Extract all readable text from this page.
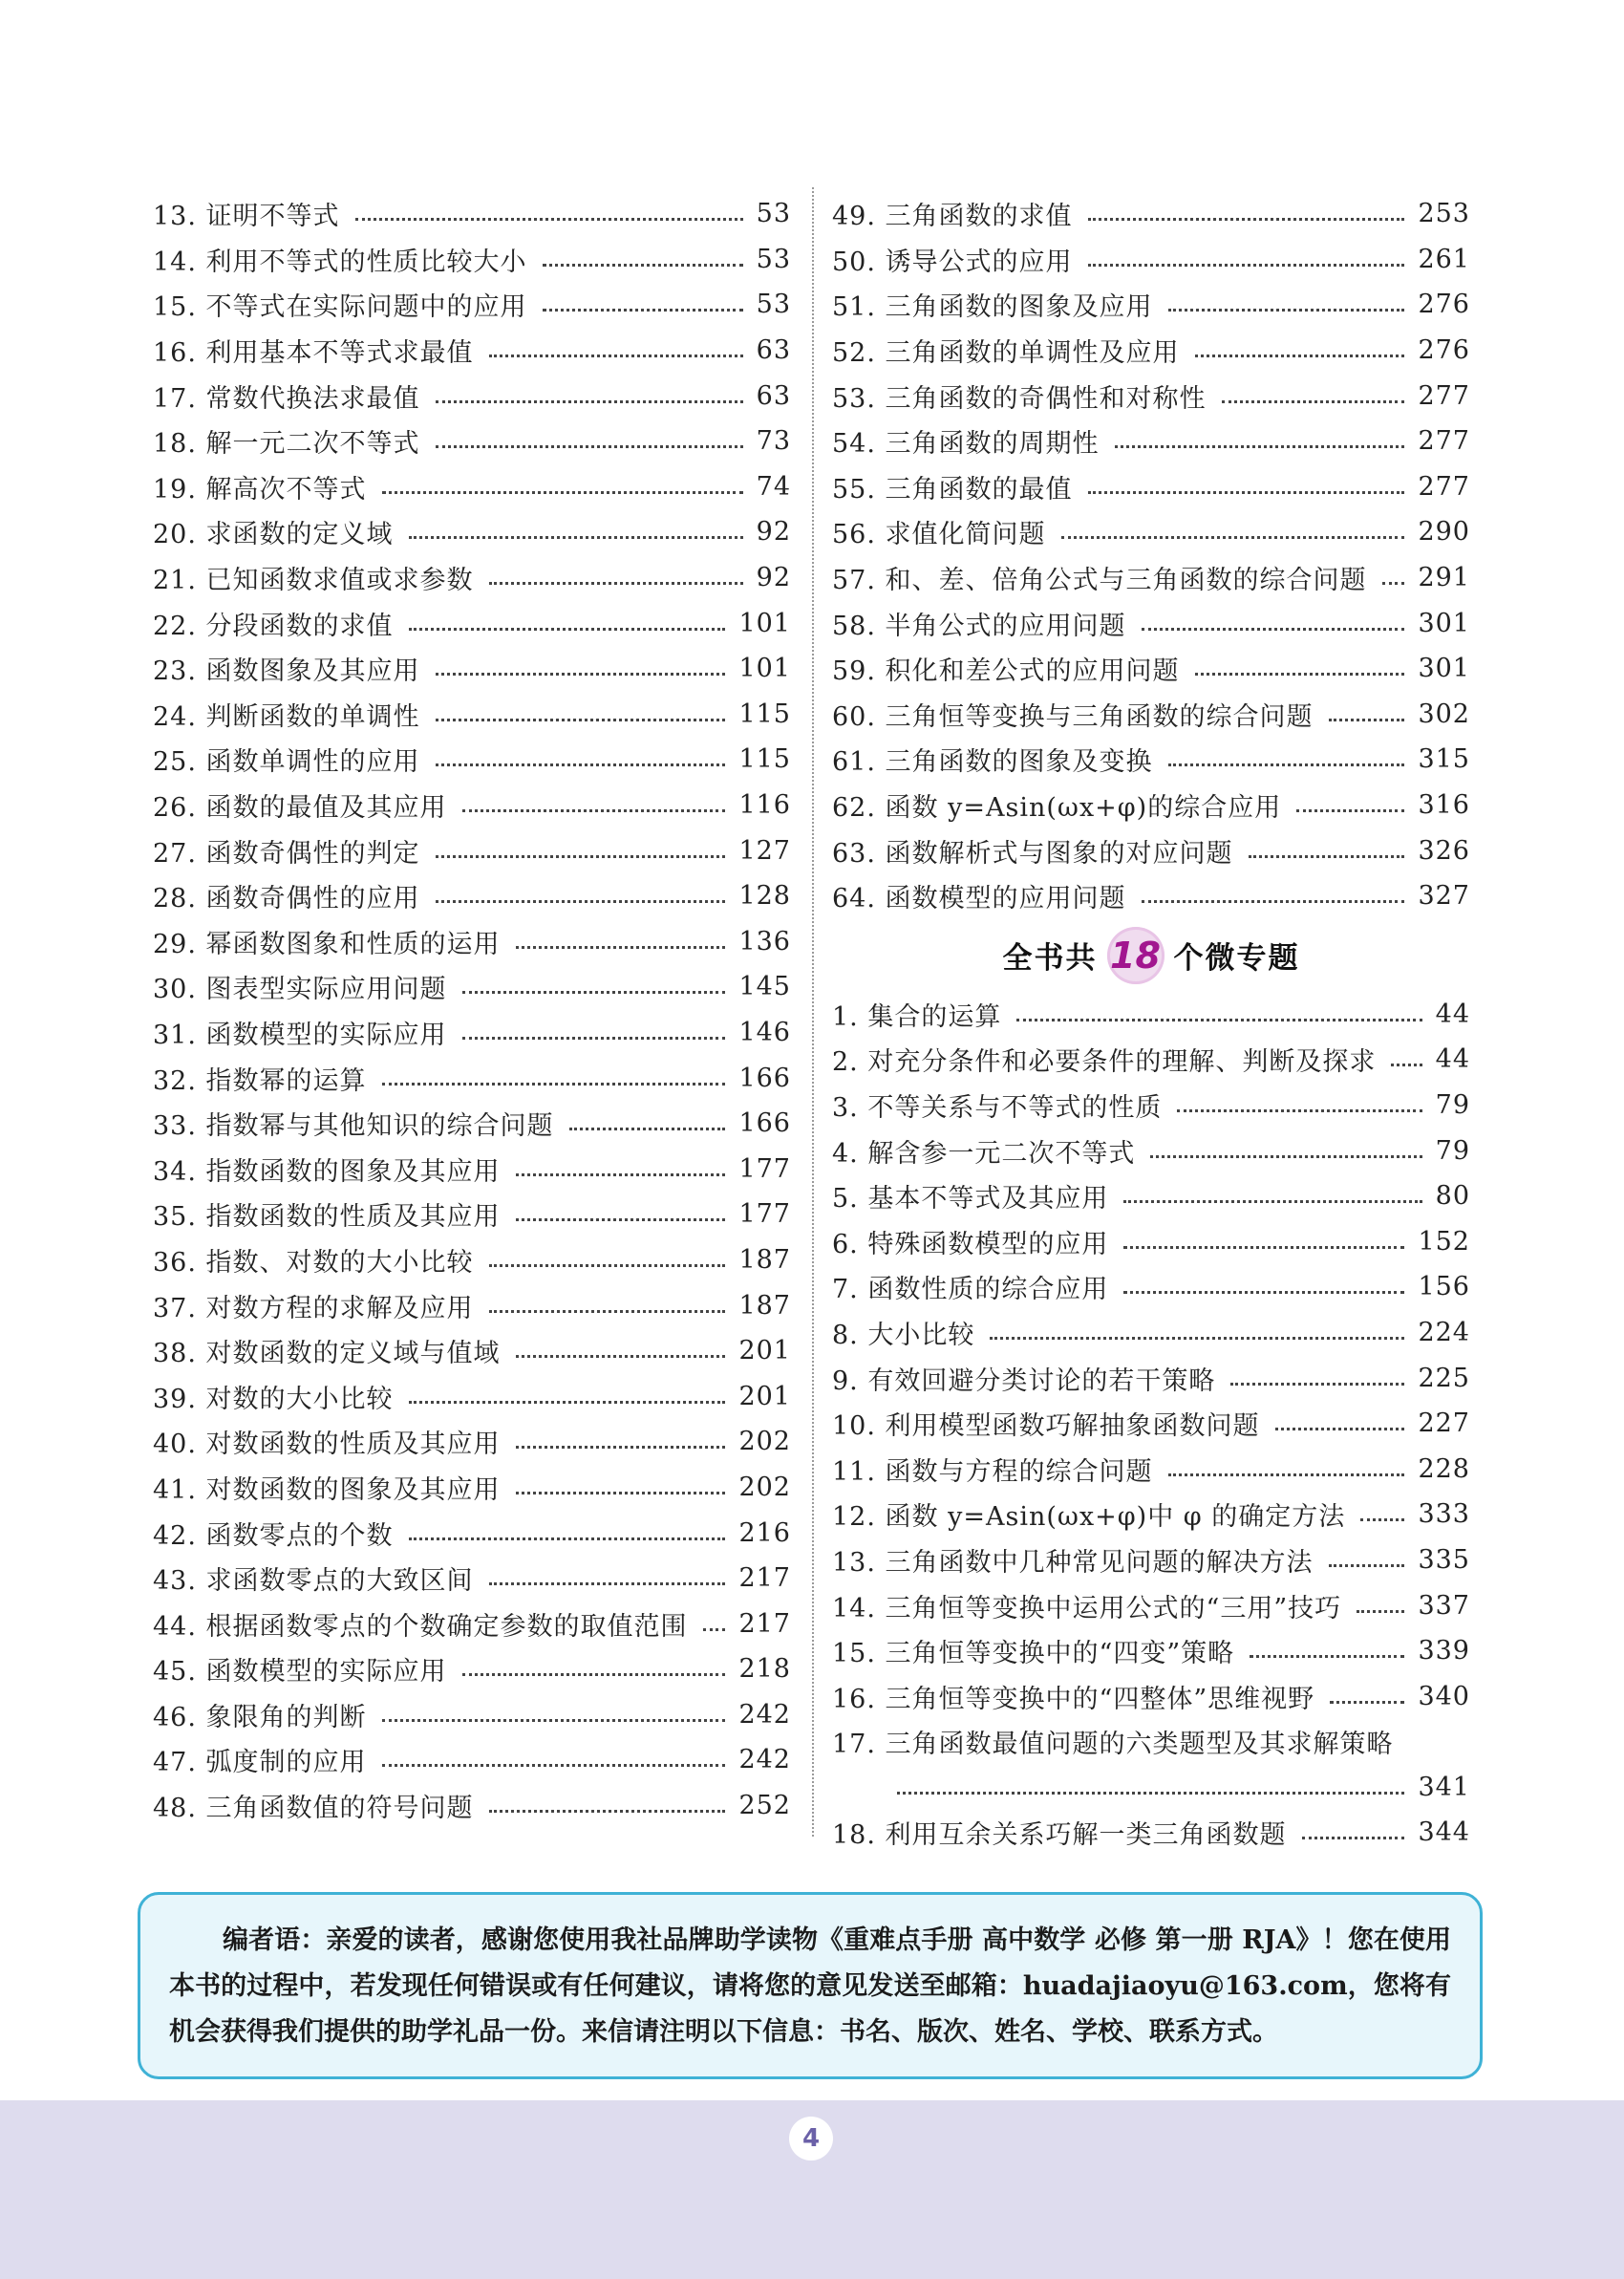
13. 证明不等式	53
14. 利用不等式的性质比较大小	53
15. 不等式在实际问题中的应用	53
16. 利用基本不等式求最值	63
17. 常数代换法求最值	63
18. 解一元二次不等式	73
19. 解高次不等式	74
20. 求函数的定义域	92
21. 已知函数求值或求参数	92
22. 分段函数的求值	101
23. 函数图象及其应用	101
24. 判断函数的单调性	115
25. 函数单调性的应用	115
26. 函数的最值及其应用	116
27. 函数奇偶性的判定	127
28. 函数奇偶性的应用	128
29. 幂函数图象和性质的运用	136
30. 图表型实际应用问题	145
31. 函数模型的实际应用	146
32. 指数幂的运算	166
33. 指数幂与其他知识的综合问题	166
34. 指数函数的图象及其应用	177
35. 指数函数的性质及其应用	177
36. 指数、对数的大小比较	187
37. 对数方程的求解及应用	187
38. 对数函数的定义域与值域	201
39. 对数的大小比较	201
40. 对数函数的性质及其应用	202
41. 对数函数的图象及其应用	202
42. 函数零点的个数	216
43. 求函数零点的大致区间	217
44. 根据函数零点的个数确定参数的取值范围 217
45. 函数模型的实际应用	218
46. 象限角的判断	242
47. 弧度制的应用	242
48. 三角函数值的符号问题	252
49. 三角函数的求值	253
50. 诱导公式的应用	261
51. 三角函数的图象及应用	276
52. 三角函数的单调性及应用	276
53. 三角函数的奇偶性和对称性	277
54. 三角函数的周期性	277
55. 三角函数的最值	277
56. 求值化简问题	290
57. 和、差、倍角公式与三角函数的综合问题 291
58. 半角公式的应用问题	301
59. 积化和差公式的应用问题	301
60. 三角恒等变换与三角函数的综合问题	302
61. 三角函数的图象及变换	315
62. 函数 y=Asin(ωx+φ)的综合应用	316
63. 函数解析式与图象的对应问题	326
64. 函数模型的应用问题	327
全书共 18 个微专题
1. 集合的运算	44
2. 对充分条件和必要条件的理解、判断及探求 44
3. 不等关系与不等式的性质	79
4. 解含参一元二次不等式	79
5. 基本不等式及其应用	80
6. 特殊函数模型的应用	152
7. 函数性质的综合应用	156
8. 大小比较	224
9. 有效回避分类讨论的若干策略	225
10. 利用模型函数巧解抽象函数问题	227
11. 函数与方程的综合问题	228
12. 函数 y=Asin(ωx+φ)中 φ 的确定方法	333
13. 三角函数中几种常见问题的解决方法	335
14. 三角恒等变换中运用公式的“三用”技巧	337
15. 三角恒等变换中的“四变”策略	339
16. 三角恒等变换中的“四整体”思维视野	340
17. 三角函数最值问题的六类题型及其求解策略
341
18. 利用互余关系巧解一类三角函数题	344
编者语：亲爱的读者，感谢您使用我社品牌助学读物《重难点手册 高中数学 必修 第一册 RJA》！您在使用本书的过程中，若发现任何错误或有任何建议，请将您的意见发送至邮箱：huadajiaoyu@163.com，您将有机会获得我们提供的助学礼品一份。来信请注明以下信息：书名、版次、姓名、学校、联系方式。
4
